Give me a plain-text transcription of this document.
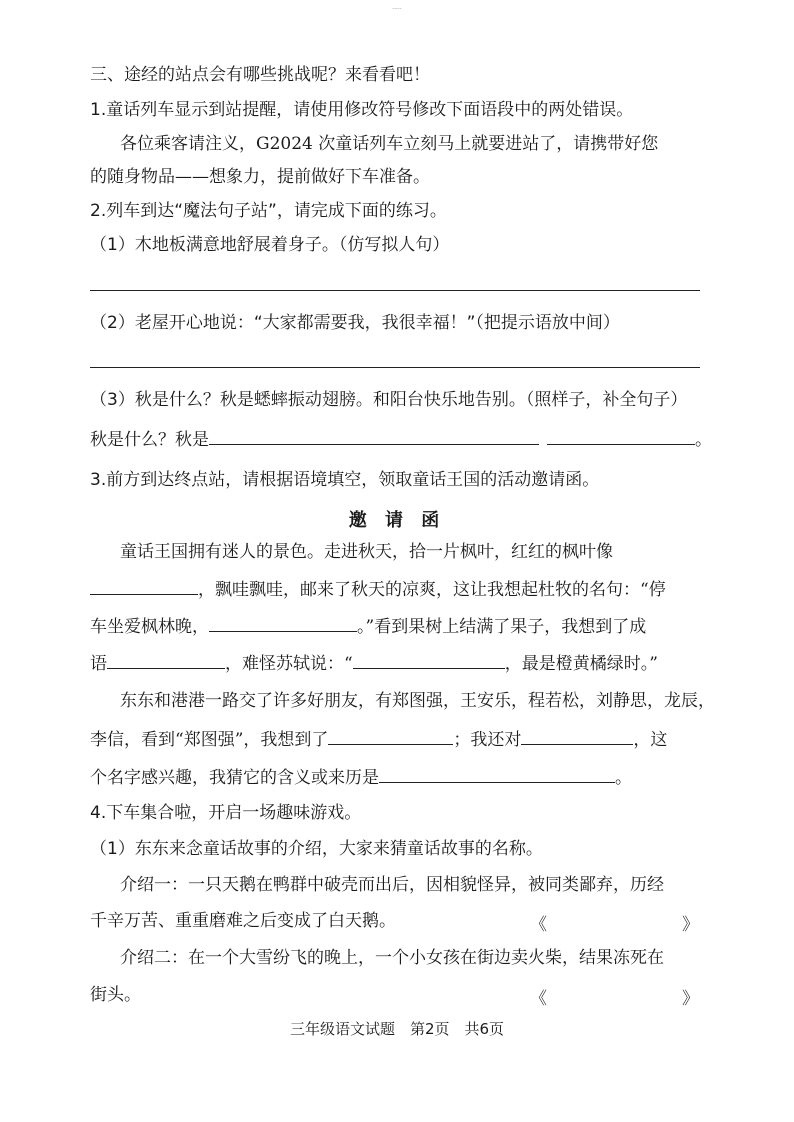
·····
三、途经的站点会有哪些挑战呢？来看看吧！
1.童话列车显示到站提醒，请使用修改符号修改下面语段中的两处错误。
各位乘客请注义，G2024 次童话列车立刻马上就要进站了，请携带好您
的随身物品——想象力，提前做好下车准备。
2.列车到达“魔法句子站”，请完成下面的练习。
（1）木地板满意地舒展着身子。（仿写拟人句）
（2）老屋开心地说：“大家都需要我，我很幸福！”（把提示语放中间）
（3）秋是什么？秋是蟋蟀振动翅膀。和阳台快乐地告别。（照样子，补全句子）
秋是什么？秋是	。
3.前方到达终点站，请根据语境填空，领取童话王国的活动邀请函。
邀 请 函
童话王国拥有迷人的景色。走进秋天，拾一片枫叶，红红的枫叶像
，飘哇飘哇，邮来了秋天的凉爽，这让我想起杜牧的名句：“停
车坐爱枫林晚，	。”看到果树上结满了果子，我想到了成
语	，难怪苏轼说：“	，最是橙黄橘绿时。”
东东和港港一路交了许多好朋友，有郑图强，王安乐，程若松，刘静思，龙辰，
李信，看到“郑图强”，我想到了	；我还对	，这
个名字感兴趣，我猜它的含义或来历是	。
4.下车集合啦，开启一场趣味游戏。
（1）东东来念童话故事的介绍，大家来猜童话故事的名称。
介绍一：一只天鹅在鸭群中破壳而出后，因相貌怪异，被同类鄙弃，历经
千辛万苦、重重磨难之后变成了白天鹅。	《	》
介绍二：在一个大雪纷飞的晚上，一个小女孩在街边卖火柴，结果冻死在
街头。	《	》
三年级语文试题　第2页　共6页
